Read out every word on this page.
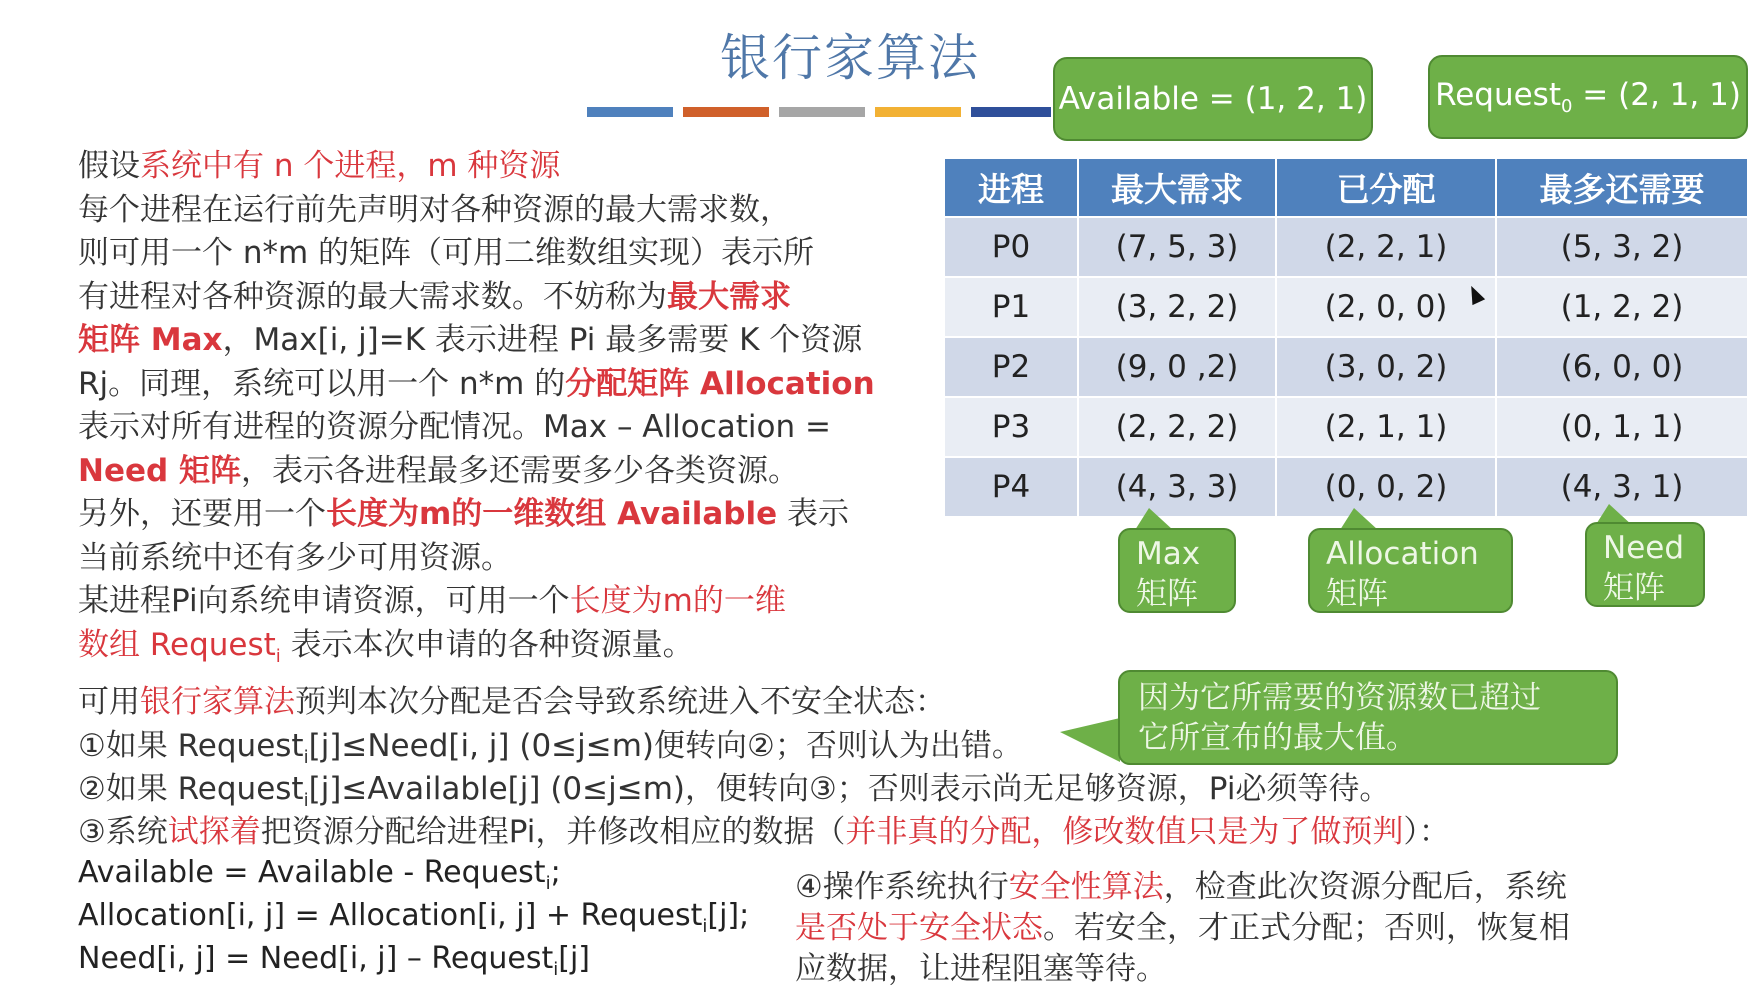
银行家算法
Available = (1, 2, 1) Request$_0$ = (2, 1, 1)
假设系统中有 n 个进程，m 种资源
每个进程在运行前先声明对各种资源的最大需求数，
则可用一个 n*m 的矩阵（可用二维数组实现）表示所
有进程对各种资源的最大需求数。不妨称为最大需求
矩阵 Max，Max[i, j]=K 表示进程 Pi 最多需要 K 个资源
Rj。同理，系统可以用一个 n*m 的分配矩阵 Allocation
表示对所有进程的资源分配情况。Max – Allocation =
Need 矩阵，表示各进程最多还需要多少各类资源。
另外，还要用一个长度为m的一维数组 Available 表示
当前系统中还有多少可用资源。
某进程Pi向系统申请资源，可用一个长度为m的一维
数组 Request$_i$ 表示本次申请的各种资源量。
进程	最大需求	已分配	最多还需要
P0	(7, 5, 3)	(2, 2, 1)	(5, 3, 2)
P1	(3, 2, 2)	(2, 0, 0)	(1, 2, 2)
P2	(9, 0 ,2)	(3, 0, 2)	(6, 0, 0)
P3	(2, 2, 2)	(2, 1, 1)	(0, 1, 1)
P4	(4, 3, 3)	(0, 0, 2)	(4, 3, 1)
Max
矩阵
Allocation
矩阵
Need
矩阵
可用银行家算法预判本次分配是否会导致系统进入不安全状态：
①如果 Request$_i$[j]≤Need[i, j] (0≤j≤m)便转向②；否则认为出错。
②如果 Request$_i$[j]≤Available[j] (0≤j≤m)，便转向③；否则表示尚无足够资源，Pi必须等待。
③系统试探着把资源分配给进程Pi，并修改相应的数据（并非真的分配，修改数值只是为了做预判）：
因为它所需要的资源数已超过
它所宣布的最大值。
Available = Available - Request$_i$;
Allocation[i, j] = Allocation[i, j] + Request$_i$[j];
Need[i, j] = Need[i, j] – Request$_i$[j]
④操作系统执行安全性算法，检查此次资源分配后，系统
是否处于安全状态。若安全，才正式分配；否则，恢复相
应数据，让进程阻塞等待。
